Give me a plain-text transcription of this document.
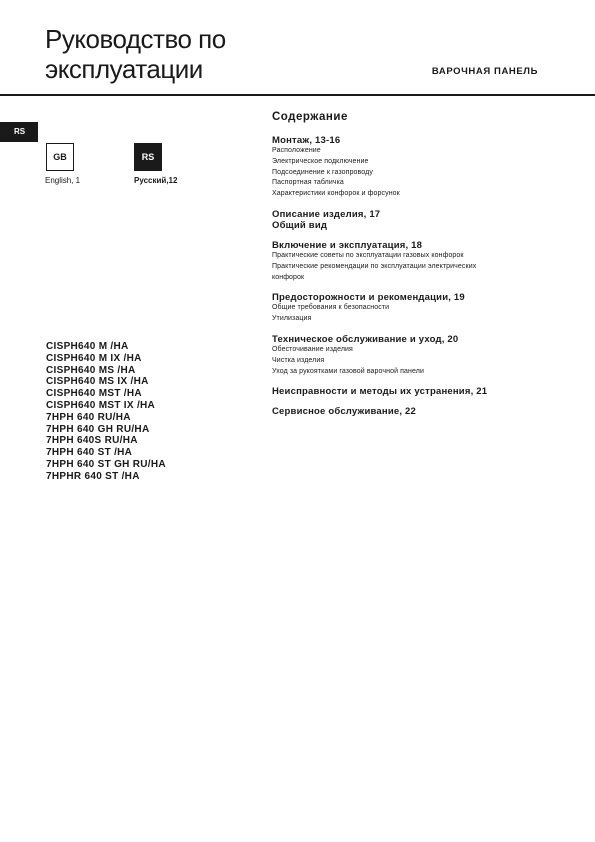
Руководство по
эксплуатации	ВАРОЧНАЯ ПАНЕЛЬ
RS
GB	RS
English, 1	Русский,12
CISPH640 M /HA
CISPH640 M IX /HA
CISPH640 MS /HA
CISPH640 MS IX /HA
CISPH640 MST /HA
CISPH640 MST IX /HA
7HPH 640 RU/HA
7HPH 640 GH RU/HA
7HPH 640S RU/HA
7HPH 640 ST /HA
7HPH 640 ST GH RU/HA
7HPHR 640 ST /HA
Содержание
Монтаж, 13-16
Расположение
Электрическое подключение
Подсоединение к газопроводу
Паспортная табличка
Характеристики конфорок и форсунок
Описание изделия, 17
Общий вид
Включение и эксплуатация, 18
Практические советы по эксплуатации газовых конфорок
Практические рекомендации по эксплуатации электрических
конфорок
Предосторожности и рекомендации, 19
Общие требования к безопасности
Утилизация
Техническое обслуживание и уход, 20
Обесточивание изделия
Чистка изделия
Уход за рукоятками газовой варочной панели
Неисправности и методы их устранения, 21
Сервисное обслуживание, 22
